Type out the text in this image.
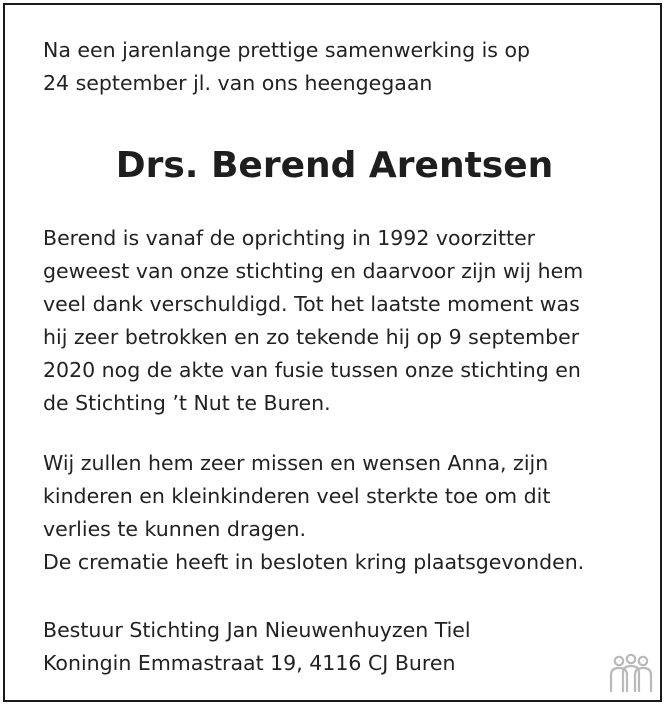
Na een jarenlange prettige samenwerking is op

24 september jl. van ons heengegaan

Drs. Berend Arentsen

Berend is vanaf de oprichting in 1992 voorzitter

geweest van onze stichting en daarvoor zijn wij hem

veel dank verschuldigd. Tot het laatste moment was

hij zeer betrokken en zo tekende hij op 9 september

2020 nog de akte van fusie tussen onze stichting en

de Stichting ’t Nut te Buren.

Wij zullen hem zeer missen en wensen Anna, zijn

kinderen en kleinkinderen veel sterkte toe om dit

verlies te kunnen dragen.

De crematie heeft in besloten kring plaatsgevonden.

Bestuur Stichting Jan Nieuwenhuyzen Tiel

Koningin Emmastraat 19, 4116 CJ Buren
